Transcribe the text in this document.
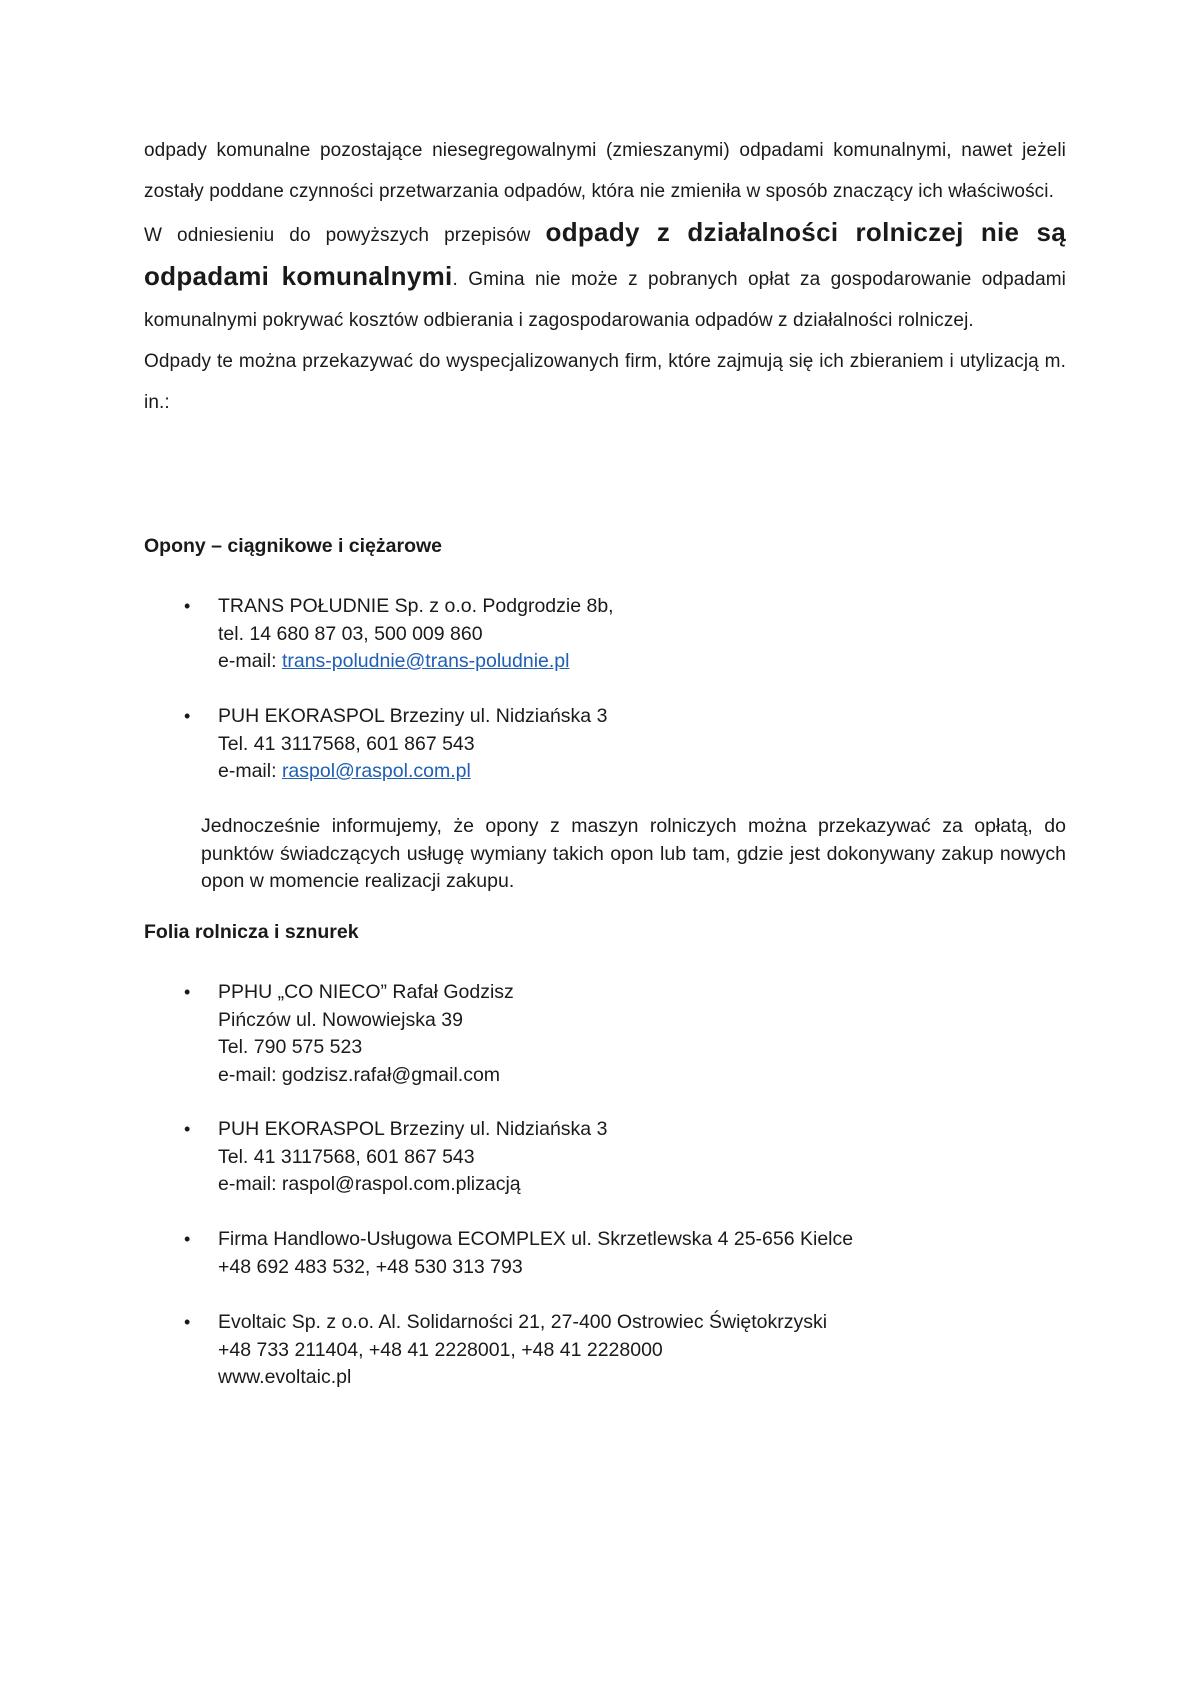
odpady komunalne pozostające niesegregowalnymi (zmieszanymi) odpadami komunalnymi, nawet jeżeli zostały poddane czynności przetwarzania odpadów, która nie zmieniła w sposób znaczący ich właściwości.

W odniesieniu do powyższych przepisów odpady z działalności rolniczej nie są odpadami komunalnymi. Gmina nie może z pobranych opłat za gospodarowanie odpadami komunalnymi pokrywać kosztów odbierania i zagospodarowania odpadów z działalności rolniczej.

Odpady te można przekazywać do wyspecjalizowanych firm, które zajmują się ich zbieraniem i utylizacją m. in.:

Opony – ciągnikowe i ciężarowe
• TRANS POŁUDNIE Sp. z o.o. Podgrodzie 8b,
tel. 14 680 87 03, 500 009 860
e-mail: trans-poludnie@trans-poludnie.pl
• PUH EKORASPOL Brzeziny ul. Nidziańska 3
Tel. 41 3117568, 601 867 543
e-mail: raspol@raspol.com.pl

Jednocześnie informujemy, że opony z maszyn rolniczych można przekazywać za opłatą, do punktów świadczących usługę wymiany takich opon lub tam, gdzie jest dokonywany zakup nowych opon w momencie realizacji zakupu.

Folia rolnicza i sznurek
• PPHU „CO NIECO” Rafał Godzisz
Pińczów ul. Nowowiejska 39
Tel. 790 575 523
e-mail: godzisz.rafał@gmail.com
• PUH EKORASPOL Brzeziny ul. Nidziańska 3
Tel. 41 3117568, 601 867 543
e-mail: raspol@raspol.com.plizacją
• Firma Handlowo-Usługowa ECOMPLEX ul. Skrzetlewska 4 25-656 Kielce
+48 692 483 532, +48 530 313 793
• Evoltaic Sp. z o.o. Al. Solidarności 21, 27-400 Ostrowiec Świętokrzyski
+48 733 211404, +48 41 2228001, +48 41 2228000
www.evoltaic.pl
